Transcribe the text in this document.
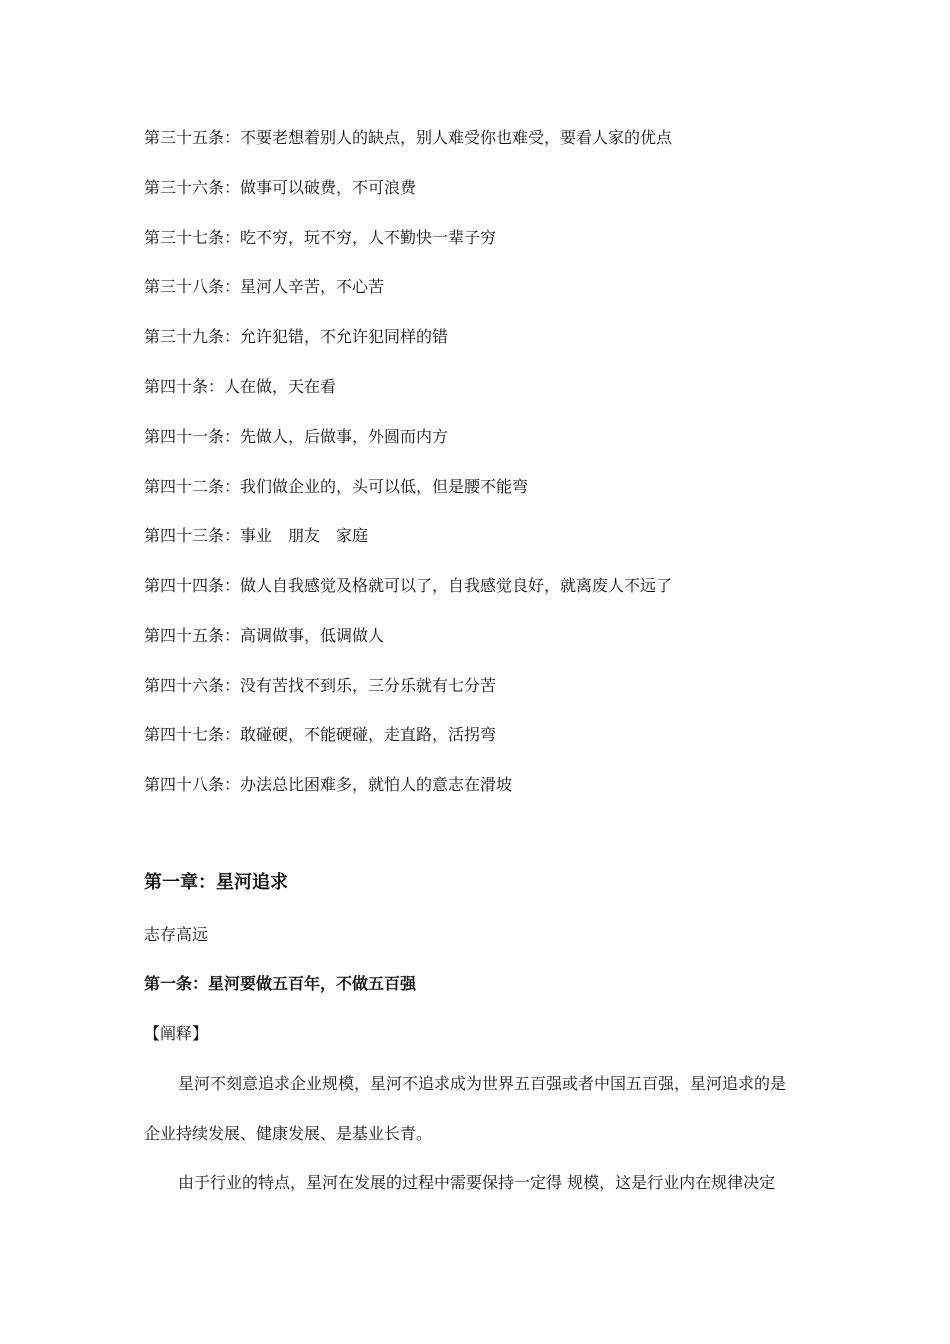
第三十五条：不要老想着别人的缺点，别人难受你也难受，要看人家的优点
第三十六条：做事可以破费，不可浪费
第三十七条：吃不穷，玩不穷，人不勤快一辈子穷
第三十八条：星河人辛苦，不心苦
第三十九条：允许犯错，不允许犯同样的错
第四十条：人在做，天在看
第四十一条：先做人，后做事，外圆而内方
第四十二条：我们做企业的，头可以低，但是腰不能弯
第四十三条：事业　朋友　家庭
第四十四条：做人自我感觉及格就可以了，自我感觉良好，就离废人不远了
第四十五条：高调做事，低调做人
第四十六条：没有苦找不到乐，三分乐就有七分苦
第四十七条：敢碰硬，不能硬碰，走直路，活拐弯
第四十八条：办法总比困难多，就怕人的意志在滑坡
第一章：星河追求
志存高远
第一条：星河要做五百年，不做五百强
【阐释】
星河不刻意追求企业规模，星河不追求成为世界五百强或者中国五百强，星河追求的是
企业持续发展、健康发展、是基业长青。
由于行业的特点，星河在发展的过程中需要保持一定得 规模，这是行业内在规律决定
